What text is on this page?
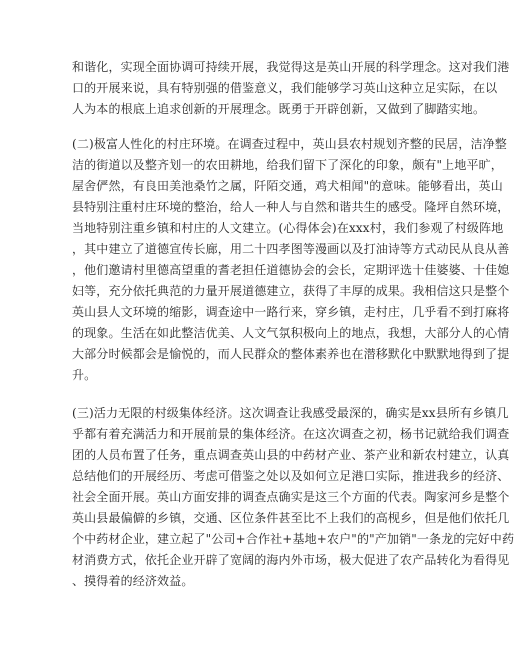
和谐化，实现全面协调可持续开展，我觉得这是英山开展的科学理念。这对我们港
口的开展来说，具有特别强的借鉴意义，我们能够学习英山这种立足实际，在以
人为本的根底上追求创新的开展理念。既勇于开辟创新，又做到了脚踏实地。
(二)极富人性化的村庄环境。在调查过程中，英山县农村规划齐整的民居，洁净整
洁的街道以及整齐划一的农田耕地，给我们留下了深化的印象，颇有"上地平旷，
屋舍俨然，有良田美池桑竹之属，阡陌交通，鸡犬相闻"的意味。能够看出，英山
县特别注重村庄环境的整治，给人一种人与自然和谐共生的感受。隆坪自然环境，
当地特别注重乡镇和村庄的人文建立。(心得体会)在xxx村，我们参观了村级阵地
，其中建立了道德宣传长廊，用二十四孝图等漫画以及打油诗等方式动民从良从善
，他们邀请村里德高望重的耆老担任道德协会的会长，定期评选十佳婆婆、十佳媳
妇等，充分依托典范的力量开展道德建立，获得了丰厚的成果。我相信这只是整个
英山县人文环境的缩影，调查途中一路行来，穿乡镇，走村庄，几乎看不到打麻将
的现象。生活在如此整洁优美、人文气氛积极向上的地点，我想，大部分人的心情
大部分时候都会是愉悦的，而人民群众的整体素养也在潜移默化中默默地得到了提
升。
(三)活力无限的村级集体经济。这次调查让我感受最深的，确实是xx县所有乡镇几
乎都有着充满活力和开展前景的集体经济。在这次调查之初，杨书记就给我们调查
团的人员布置了任务，重点调查英山县的中药材产业、茶产业和新农村建立，认真
总结他们的开展经历、考虑可借鉴之处以及如何立足港口实际，推进我乡的经济、
社会全面开展。英山方面安排的调查点确实是这三个方面的代表。陶家河乡是整个
英山县最偏僻的乡镇，交通、区位条件甚至比不上我们的高枧乡，但是他们依托几
个中药材企业，建立起了"公司+合作社+基地+农户"的"产加销"一条龙的完好中药
材消费方式，依托企业开辟了宽阔的海内外市场，极大促进了农产品转化为看得见
、摸得着的经济效益。
